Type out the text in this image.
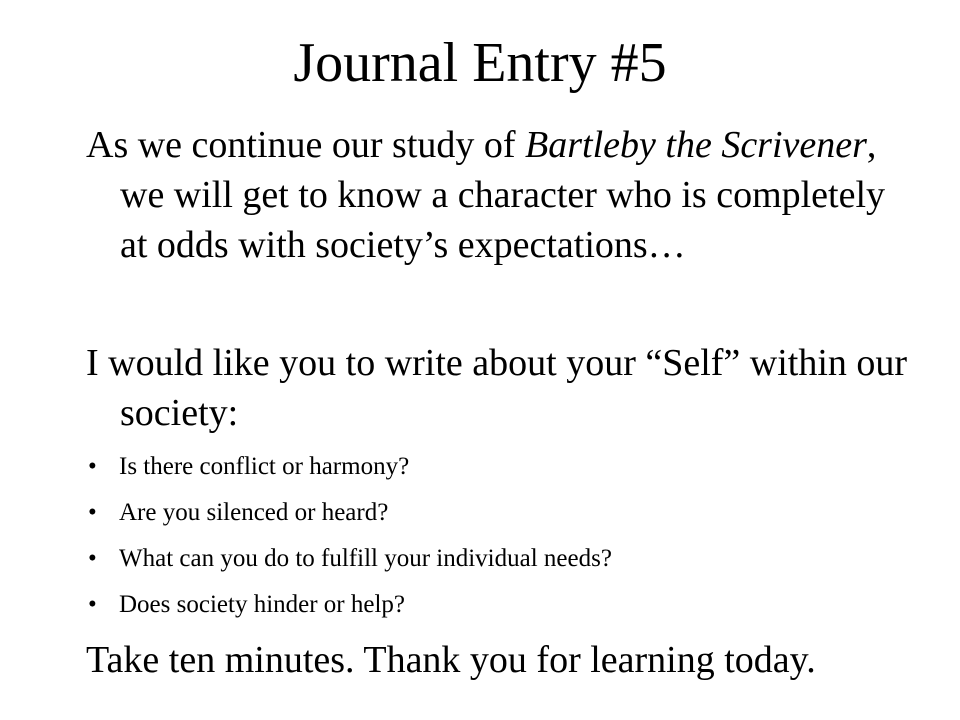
Journal Entry #5
As we continue our study of Bartleby the Scrivener, we will get to know a character who is completely at odds with society’s expectations…
I would like you to write about your “Self” within our society:
• Is there conflict or harmony?
• Are you silenced or heard?
• What can you do to fulfill your individual needs?
• Does society hinder or help?
Take ten minutes. Thank you for learning today.
